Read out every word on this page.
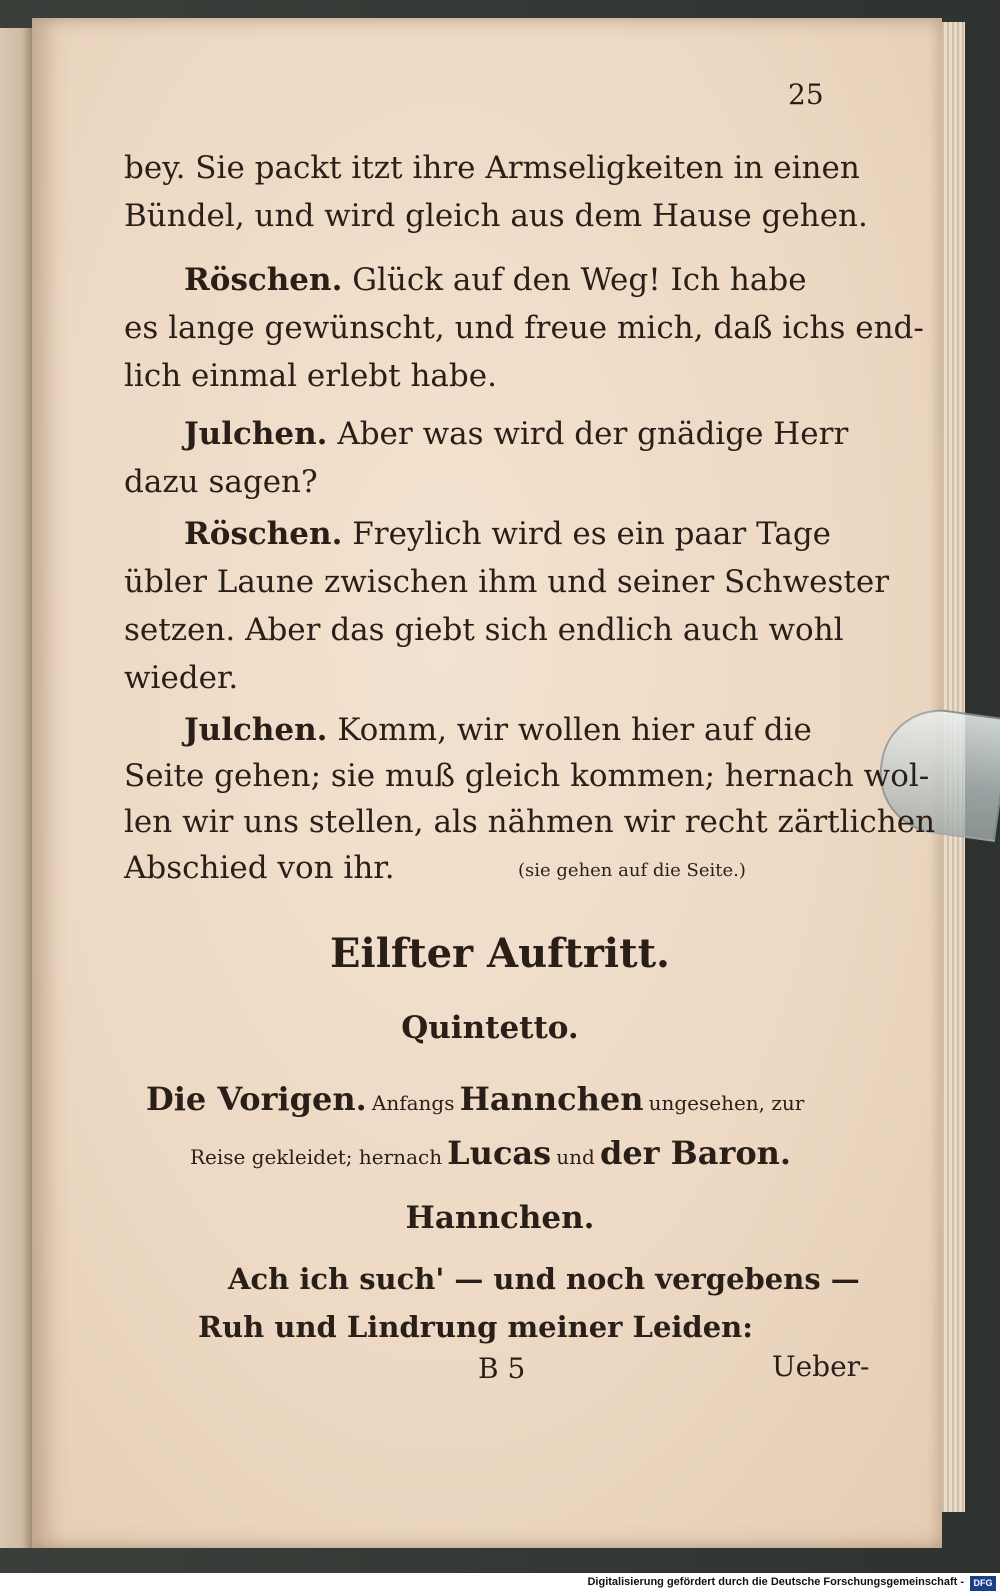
25
bey. Sie packt itzt ihre Armseligkeiten in einen
Bündel, und wird gleich aus dem Hause gehen.
Röschen. Glück auf den Weg! Ich habe
es lange gewünscht, und freue mich, daß ichs end-
lich einmal erlebt habe.
Julchen. Aber was wird der gnädige Herr
dazu sagen?
Röschen. Freylich wird es ein paar Tage
übler Laune zwischen ihm und seiner Schwester
setzen. Aber das giebt sich endlich auch wohl
wieder.
Julchen. Komm, wir wollen hier auf die
Seite gehen; sie muß gleich kommen; hernach wol-
len wir uns stellen, als nähmen wir recht zärtlichen
Abschied von ihr.	(sie gehen auf die Seite.)
Eilfter Auftritt.
Quintetto.
Die Vorigen. Anfangs Hannchen ungesehen, zur
Reise gekleidet; hernach Lucas und der Baron.
Hannchen.
Ach ich such' — und noch vergebens —
Ruh und Lindrung meiner Leiden:
B 5	Ueber-
Digitalisierung gefördert durch die Deutsche Forschungsgemeinschaft -	DFG
